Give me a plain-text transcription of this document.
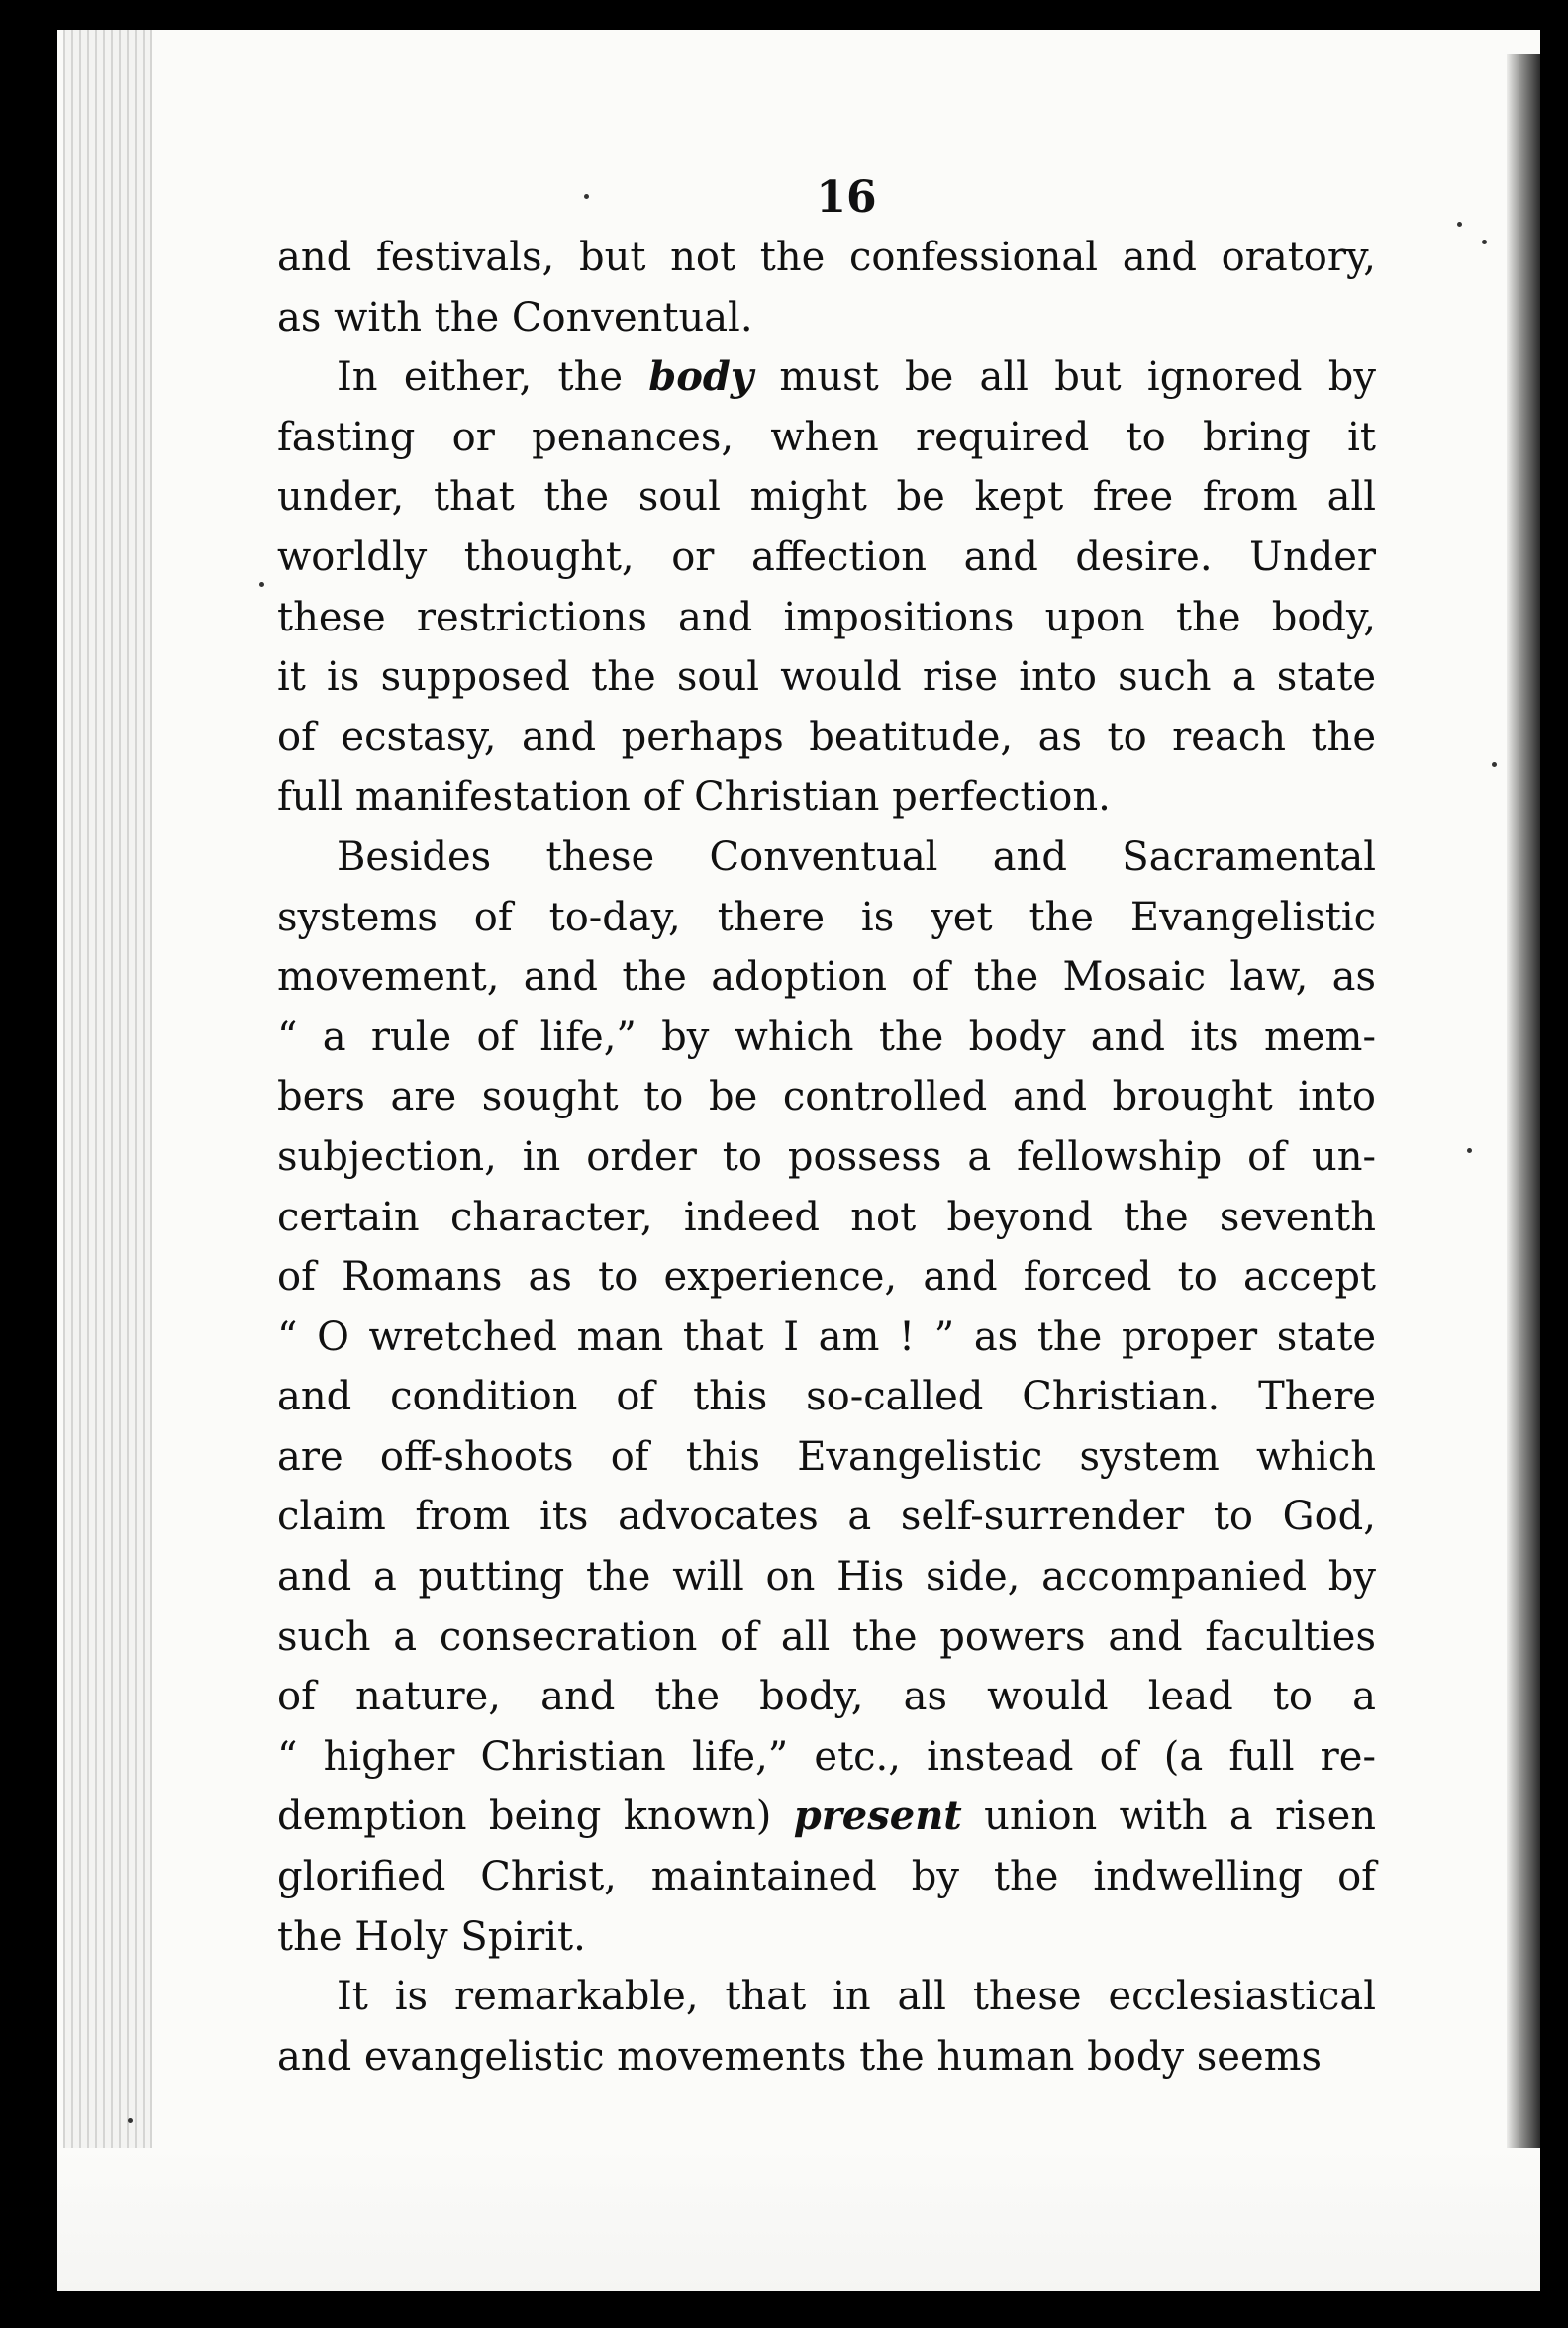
16
and festivals, but not the confessional and oratory,
as with the Conventual.
In either, the body must be all but ignored by
fasting or penances, when required to bring it
under, that the soul might be kept free from all
worldly thought, or affection and desire. Under
these restrictions and impositions upon the body,
it is supposed the soul would rise into such a state
of ecstasy, and perhaps beatitude, as to reach the
full manifestation of Christian perfection.
Besides these Conventual and Sacramental
systems of to-day, there is yet the Evangelistic
movement, and the adoption of the Mosaic law, as
“ a rule of life,” by which the body and its mem-
bers are sought to be controlled and brought into
subjection, in order to possess a fellowship of un-
certain character, indeed not beyond the seventh
of Romans as to experience, and forced to accept
“ O wretched man that I am ! ” as the proper state
and condition of this so-called Christian. There
are off-shoots of this Evangelistic system which
claim from its advocates a self-surrender to God,
and a putting the will on His side, accompanied by
such a consecration of all the powers and faculties
of nature, and the body, as would lead to a
“ higher Christian life,” etc., instead of (a full re-
demption being known) present union with a risen
glorified Christ, maintained by the indwelling of
the Holy Spirit.
It is remarkable, that in all these ecclesiastical
and evangelistic movements the human body seems
